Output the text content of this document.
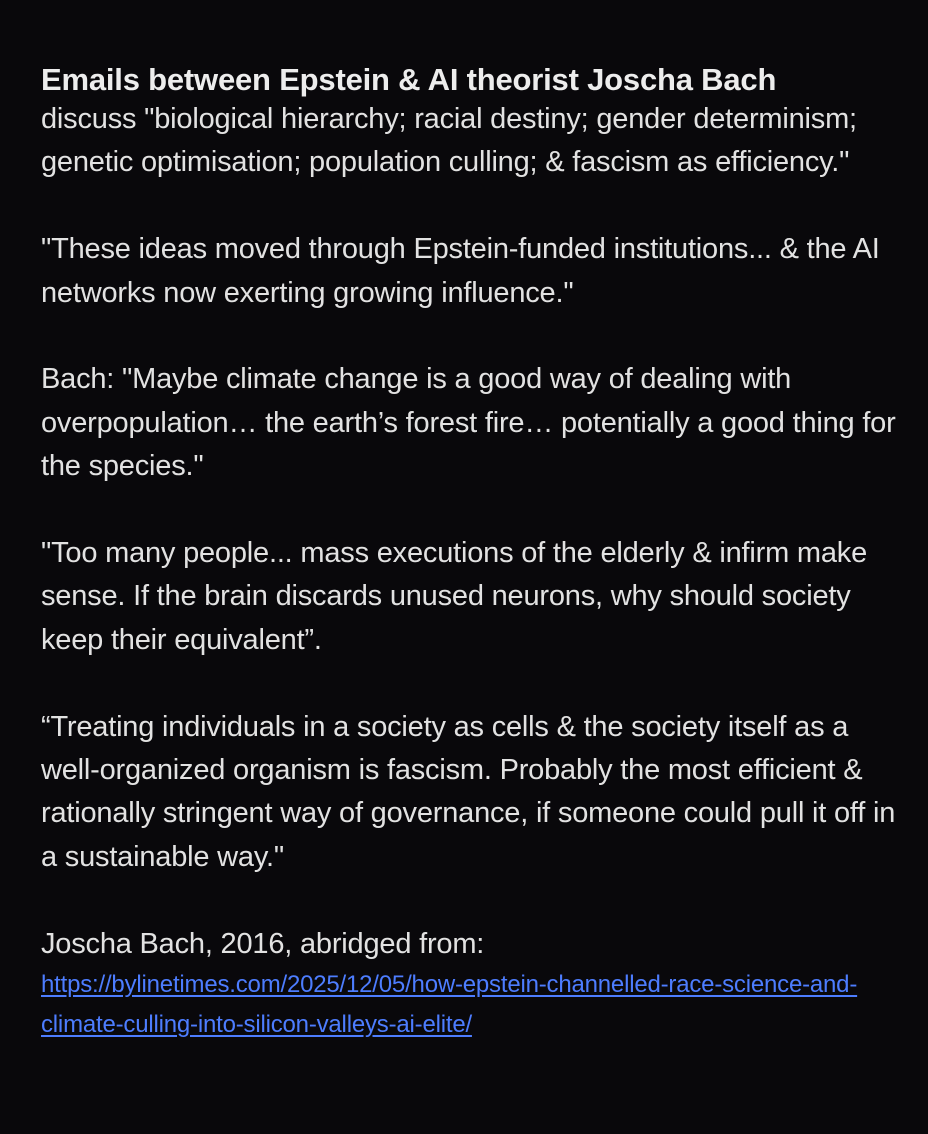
Emails between Epstein & AI theorist Joscha Bach

discuss "biological hierarchy; racial destiny; gender determinism; genetic optimisation; population culling; & fascism as efficiency."

"These ideas moved through Epstein-funded institutions... & the AI networks now exerting growing influence."

Bach: "Maybe climate change is a good way of dealing with overpopulation… the earth’s forest fire… potentially a good thing for the species."

"Too many people... mass executions of the elderly & infirm make sense. If the brain discards unused neurons, why should society keep their equivalent”.

“Treating individuals in a society as cells & the society itself as a well-organized organism is fascism. Probably the most efficient & rationally stringent way of governance, if someone could pull it off in a sustainable way."

Joscha Bach, 2016, abridged from:

https://bylinetimes.com/2025/12/05/how-epstein-channelled-race-science-and-climate-culling-into-silicon-valleys-ai-elite/
